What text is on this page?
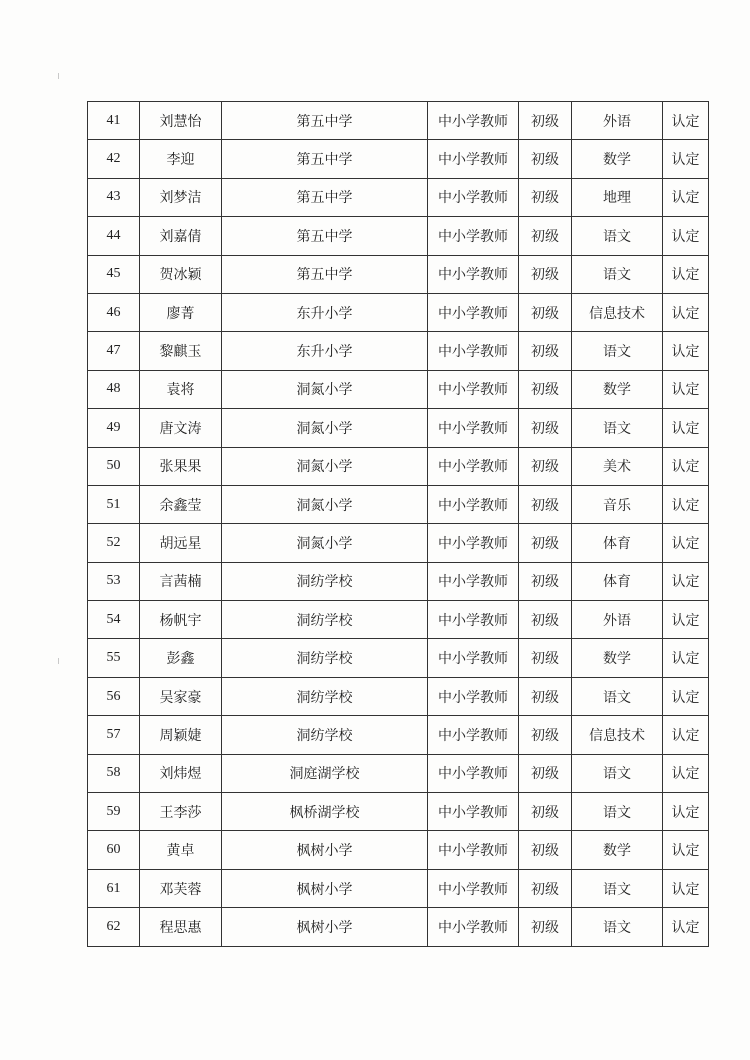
41	刘慧怡	第五中学	中小学教师	初级	外语	认定
42	李迎	第五中学	中小学教师	初级	数学	认定
43	刘梦洁	第五中学	中小学教师	初级	地理	认定
44	刘嘉倩	第五中学	中小学教师	初级	语文	认定
45	贺冰颖	第五中学	中小学教师	初级	语文	认定
46	廖菁	东升小学	中小学教师	初级	信息技术	认定
47	黎麒玉	东升小学	中小学教师	初级	语文	认定
48	袁将	洞氮小学	中小学教师	初级	数学	认定
49	唐文涛	洞氮小学	中小学教师	初级	语文	认定
50	张果果	洞氮小学	中小学教师	初级	美术	认定
51	余鑫莹	洞氮小学	中小学教师	初级	音乐	认定
52	胡远星	洞氮小学	中小学教师	初级	体育	认定
53	言茜楠	洞纺学校	中小学教师	初级	体育	认定
54	杨帆宇	洞纺学校	中小学教师	初级	外语	认定
55	彭鑫	洞纺学校	中小学教师	初级	数学	认定
56	吴家豪	洞纺学校	中小学教师	初级	语文	认定
57	周颖婕	洞纺学校	中小学教师	初级	信息技术	认定
58	刘炜煜	洞庭湖学校	中小学教师	初级	语文	认定
59	王李莎	枫桥湖学校	中小学教师	初级	语文	认定
60	黄卓	枫树小学	中小学教师	初级	数学	认定
61	邓芙蓉	枫树小学	中小学教师	初级	语文	认定
62	程思惠	枫树小学	中小学教师	初级	语文	认定
